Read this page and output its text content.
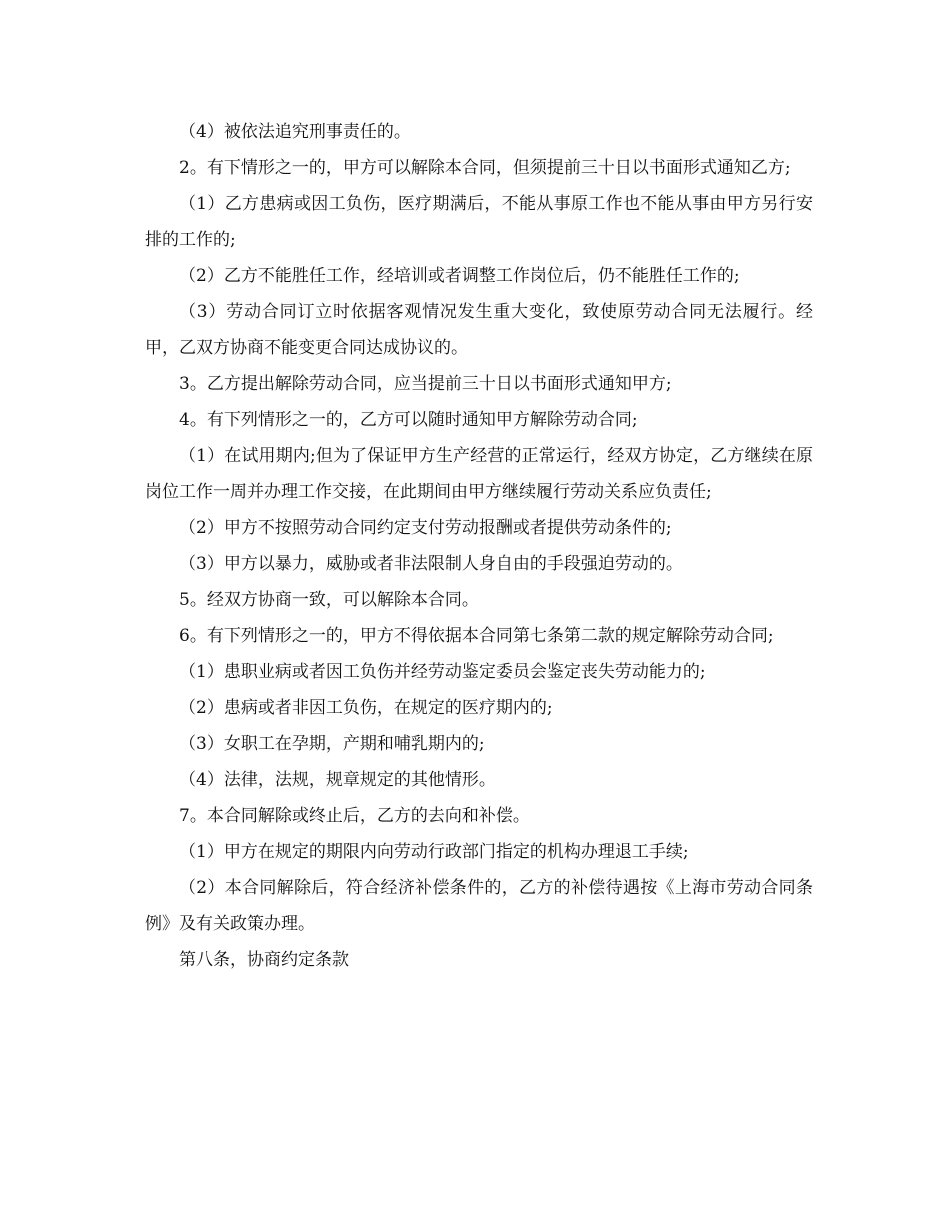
（4）被依法追究刑事责任的。

2。有下情形之一的，甲方可以解除本合同，但须提前三十日以书面形式通知乙方;

（1）乙方患病或因工负伤，医疗期满后，不能从事原工作也不能从事由甲方另行安排的工作的;

（2）乙方不能胜任工作，经培训或者调整工作岗位后，仍不能胜任工作的;

（3）劳动合同订立时依据客观情况发生重大变化，致使原劳动合同无法履行。经甲，乙双方协商不能变更合同达成协议的。

3。乙方提出解除劳动合同，应当提前三十日以书面形式通知甲方;

4。有下列情形之一的，乙方可以随时通知甲方解除劳动合同;

（1）在试用期内;但为了保证甲方生产经营的正常运行，经双方协定，乙方继续在原岗位工作一周并办理工作交接，在此期间由甲方继续履行劳动关系应负责任;

（2）甲方不按照劳动合同约定支付劳动报酬或者提供劳动条件的;

（3）甲方以暴力，威胁或者非法限制人身自由的手段强迫劳动的。

5。经双方协商一致，可以解除本合同。

6。有下列情形之一的，甲方不得依据本合同第七条第二款的规定解除劳动合同;

（1）患职业病或者因工负伤并经劳动鉴定委员会鉴定丧失劳动能力的;

（2）患病或者非因工负伤，在规定的医疗期内的;

（3）女职工在孕期，产期和哺乳期内的;

（4）法律，法规，规章规定的其他情形。

7。本合同解除或终止后，乙方的去向和补偿。

（1）甲方在规定的期限内向劳动行政部门指定的机构办理退工手续;

（2）本合同解除后，符合经济补偿条件的，乙方的补偿待遇按《上海市劳动合同条例》及有关政策办理。

第八条，协商约定条款
